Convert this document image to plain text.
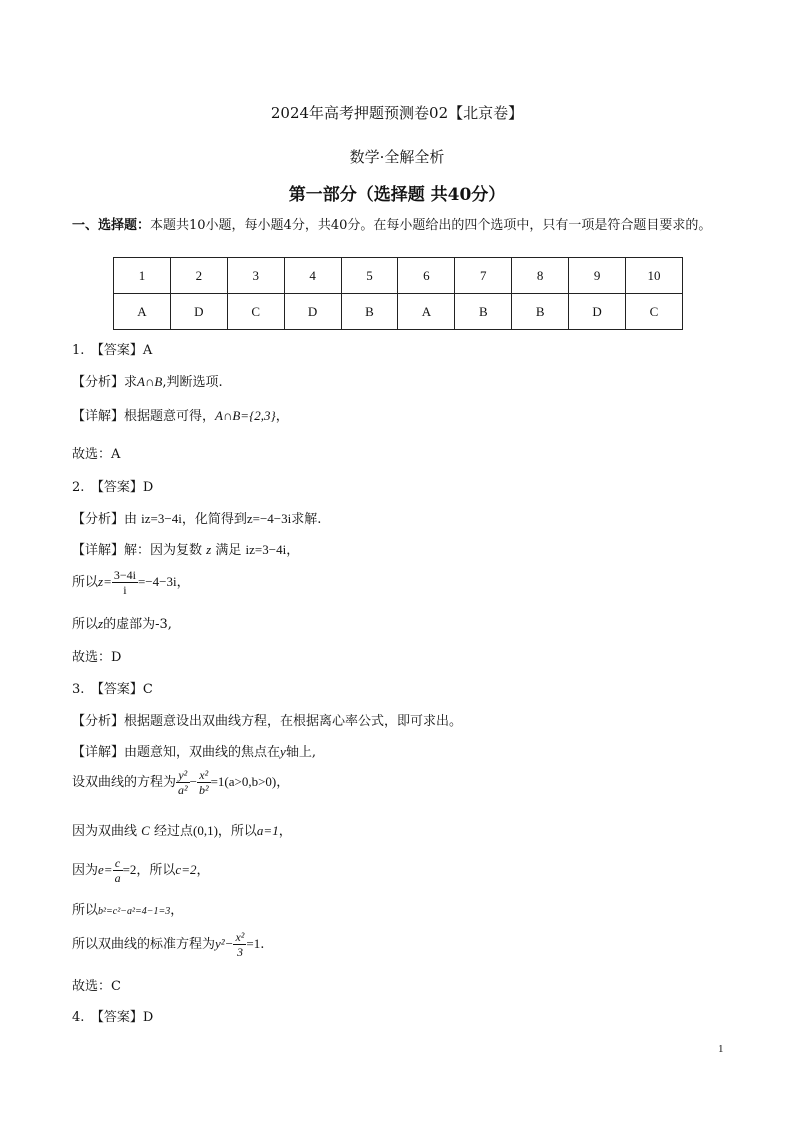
2024年高考押题预测卷02【北京卷】
数学·全解全析
第一部分（选择题 共40分）
一、选择题：本题共10小题，每小题4分，共40分。在每小题给出的四个选项中，只有一项是符合题目要求的。
1	2	3	4	5	6	7	8	9	10
A	D	C	D	B	A	B	B	D	C
1.　【答案】A
【分析】求A∩B,判断选项.
【详解】根据题意可得，A∩B={2,3}，
故选：A
2.　【答案】D
【分析】由 iz=3−4i，化简得到z=−4−3i求解.
【详解】解：因为复数 z 满足 iz=3−4i，
所以$z= \frac{3-4i}{i} =-4-3i$，
所以z的虚部为-3,
故选：D
3.　【答案】C
【分析】根据题意设出双曲线方程，在根据离心率公式，即可求出。
【详解】由题意知，双曲线的焦点在y轴上,
设双曲线的方程为 $\frac{\text{y²}}{\text{a²}} - \frac{\text{x²}}{\text{b²}} =1(a>0,b>0)$，
因为双曲线 C 经过点(0,1)，所以a=1，
因为$e= \frac{c}{a} =2$，所以c=2，
所以b²=c²−a²=4−1=3，
所以双曲线的标准方程为$y^2- \frac{\text{x²}}{3} =1$.
故选：C
4.　【答案】D
1
